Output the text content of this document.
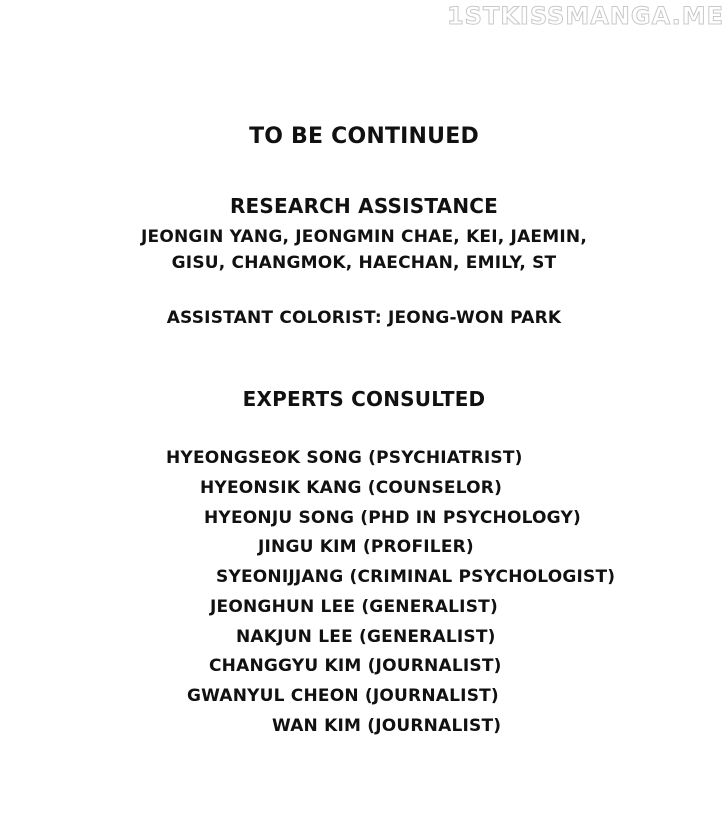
1STKISSMANGA.ME
TO BE CONTINUED
RESEARCH ASSISTANCE
JEONGIN YANG, JEONGMIN CHAE, KEI, JAEMIN,
GISU, CHANGMOK, HAECHAN, EMILY, ST
ASSISTANT COLORIST: JEONG-WON PARK
EXPERTS CONSULTED
HYEONGSEOK SONG (PSYCHIATRIST)
HYEONSIK KANG (COUNSELOR)
HYEONJU SONG (PHD IN PSYCHOLOGY)
JINGU KIM (PROFILER)
SYEONIJJANG (CRIMINAL PSYCHOLOGIST)
JEONGHUN LEE (GENERALIST)
NAKJUN LEE (GENERALIST)
CHANGGYU KIM (JOURNALIST)
GWANYUL CHEON (JOURNALIST)
WAN KIM (JOURNALIST)
